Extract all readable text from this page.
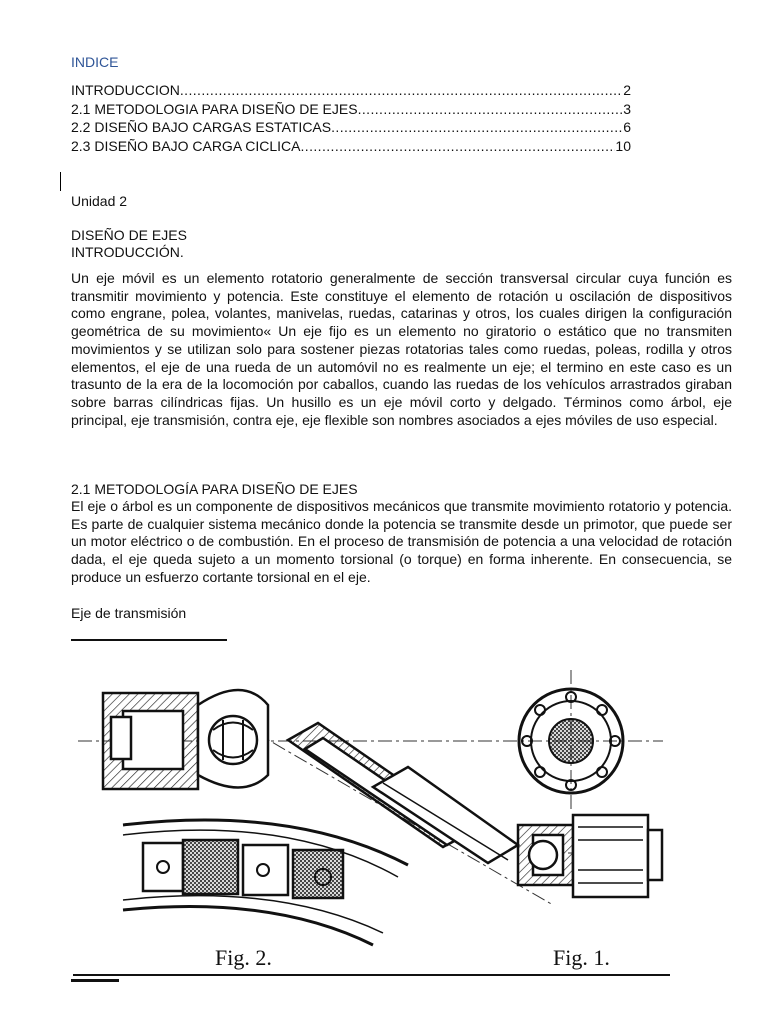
INDICE
INTRODUCCION .....	2
2.1 METODOLOGIA PARA DISEÑO DE EJES .....	3
2.2 DISEÑO BAJO CARGAS ESTATICAS .....	6
2.3 DISEÑO BAJO CARGA CICLICA .....	10
Unidad 2
DISEÑO DE EJES
INTRODUCCIÓN.
Un eje móvil es un elemento rotatorio generalmente de sección transversal circular cuya función es transmitir movimiento y potencia. Este constituye el elemento de rotación u oscilación de dispositivos como engrane, polea, volantes, manivelas, ruedas, catarinas y otros, los cuales dirigen la configuración geométrica de su movimiento« Un eje fijo es un elemento no giratorio o estático que no transmiten movimientos y se utilizan solo para sostener piezas rotatorias tales como ruedas, poleas, rodilla y otros elementos, el eje de una rueda de un automóvil no es realmente un eje; el termino en este caso es un trasunto de la era de la locomoción por caballos, cuando las ruedas de los vehículos arrastrados giraban sobre barras cilíndricas fijas. Un husillo es un eje móvil corto y delgado. Términos como árbol, eje principal, eje transmisión, contra eje, eje flexible son nombres asociados a ejes móviles de uso especial.
2.1 METODOLOGÍA PARA DISEÑO DE EJES
El eje o árbol es un componente de dispositivos mecánicos que transmite movimiento rotatorio y potencia. Es parte de cualquier sistema mecánico donde la potencia se transmite desde un primotor, que puede ser un motor eléctrico o de combustión. En el proceso de transmisión de potencia a una velocidad de rotación dada, el eje queda sujeto a un momento torsional (o torque) en forma inherente. En consecuencia, se produce un esfuerzo cortante torsional en el eje.
Eje de transmisión
Fig. 2.	Fig. 1.
